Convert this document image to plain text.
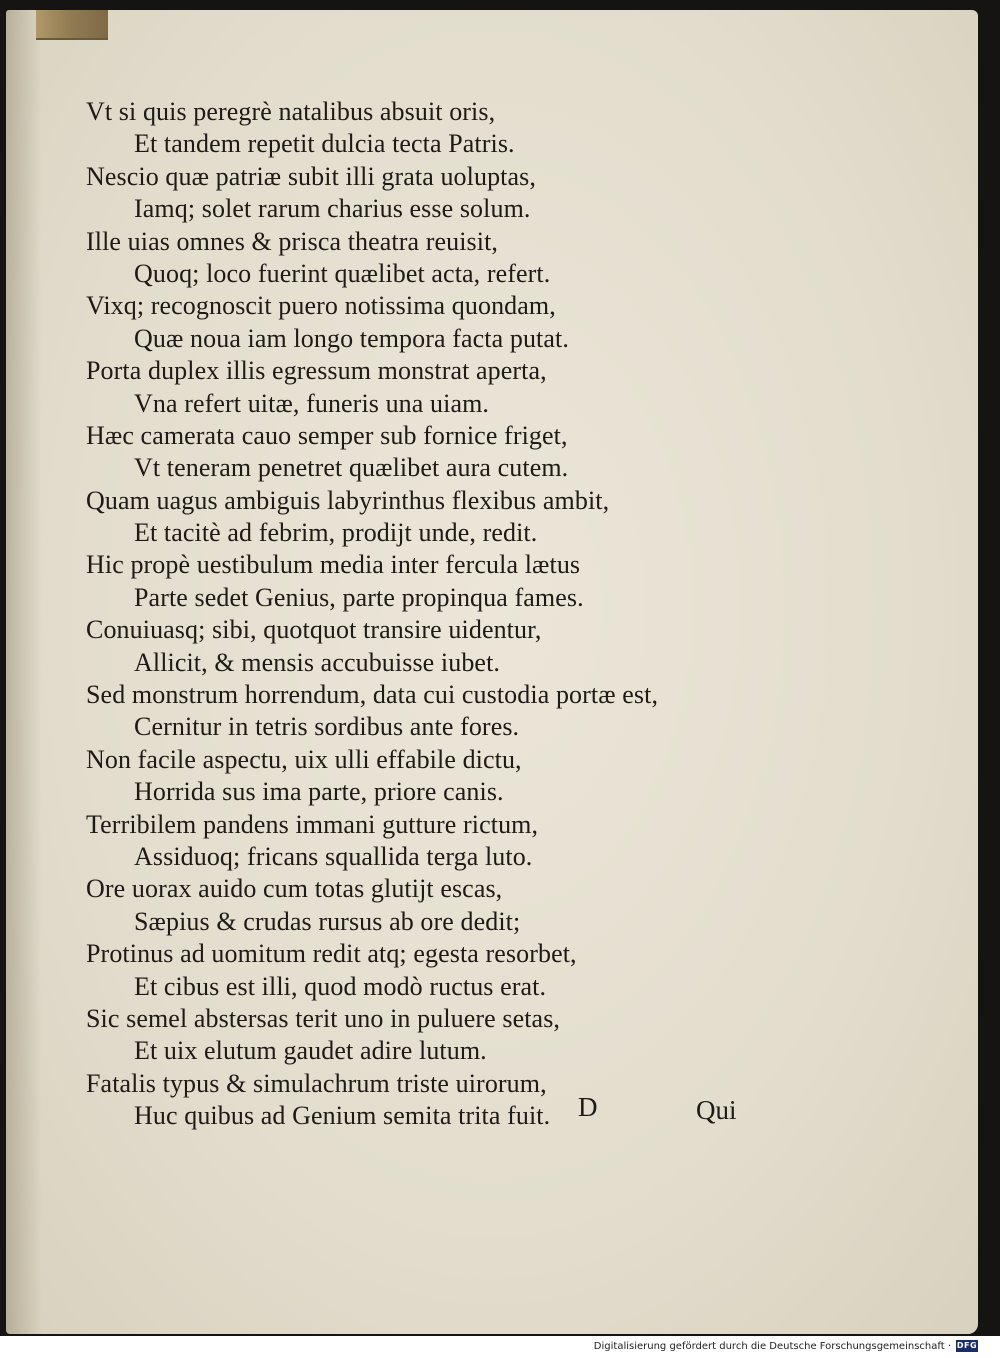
Vt si quis peregrè natalibus absuit oris,
Et tandem repetit dulcia tecta Patris.
Nescio quæ patriæ subit illi grata uoluptas,
Iamq; solet rarum charius esse solum.
Ille uias omnes & prisca theatra reuisit,
Quoq; loco fuerint quælibet acta, refert.
Vixq; recognoscit puero notissima quondam,
Quæ noua iam longo tempora facta putat.
Porta duplex illis egressum monstrat aperta,
Vna refert uitæ, funeris una uiam.
Hæc camerata cauo semper sub fornice friget,
Vt teneram penetret quælibet aura cutem.
Quam uagus ambiguis labyrinthus flexibus ambit,
Et tacitè ad febrim, prodijt unde, redit.
Hic propè uestibulum media inter fercula lætus
Parte sedet Genius, parte propinqua fames.
Conuiuasq; sibi, quotquot transire uidentur,
Allicit, & mensis accubuisse iubet.
Sed monstrum horrendum, data cui custodia portæ est,
Cernitur in tetris sordibus ante fores.
Non facile aspectu, uix ulli effabile dictu,
Horrida sus ima parte, priore canis.
Terribilem pandens immani gutture rictum,
Assiduoq; fricans squallida terga luto.
Ore uorax auido cum totas glutijt escas,
Sæpius & crudas rursus ab ore dedit;
Protinus ad uomitum redit atq; egesta resorbet,
Et cibus est illi, quod modò ructus erat.
Sic semel abstersas terit uno in puluere setas,
Et uix elutum gaudet adire lutum.
Fatalis typus & simulachrum triste uirorum,
Huc quibus ad Genium semita trita fuit.	D	Qui
Digitalisierung gefördert durch die Deutsche Forschungsgemeinschaft · DFG
